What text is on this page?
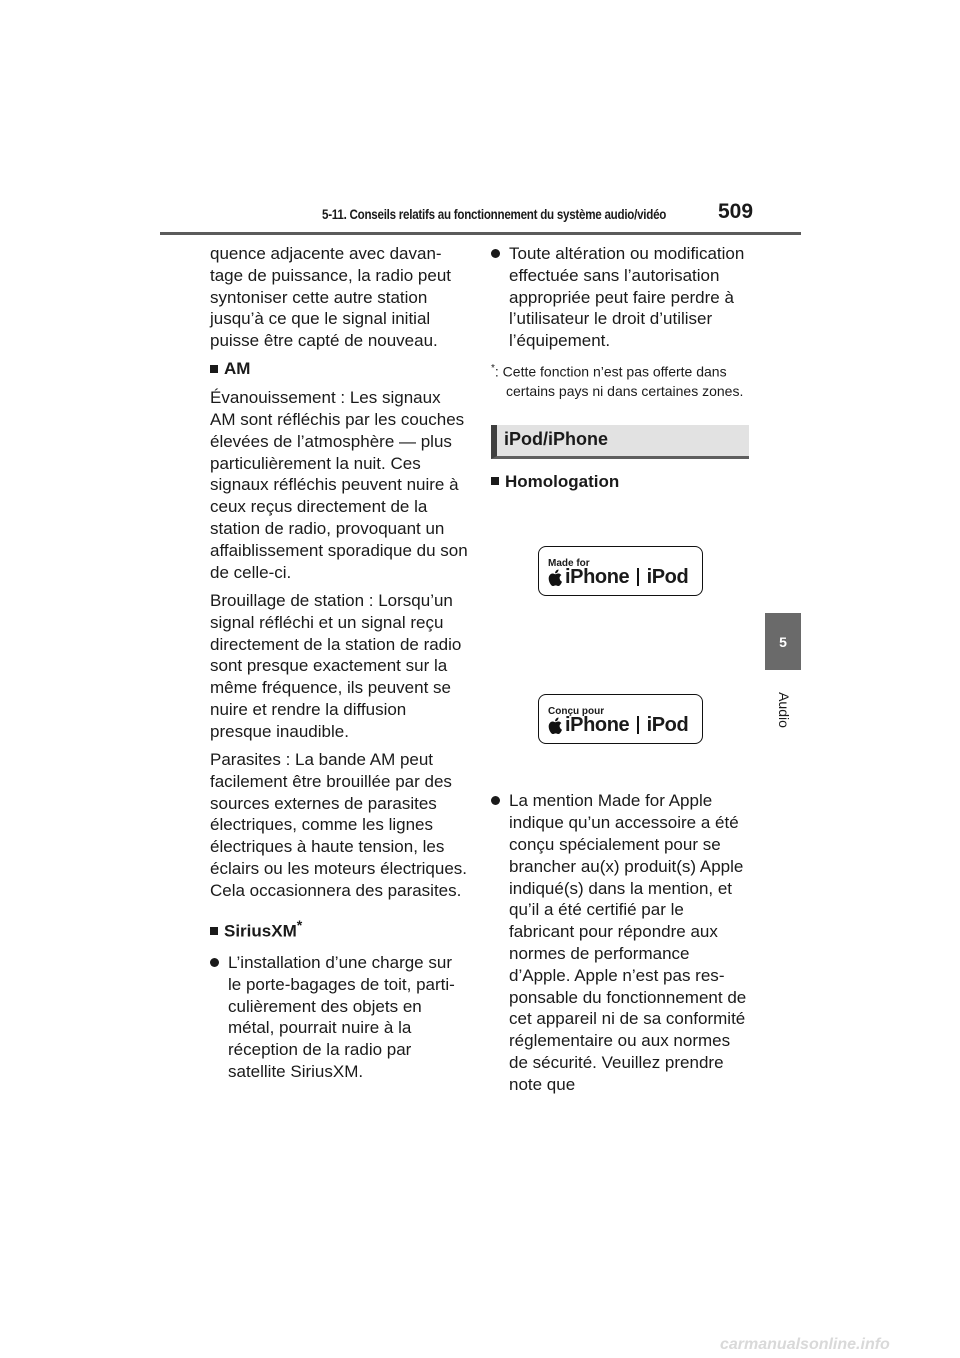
5-11. Conseils relatifs au fonctionnement du système audio/vidéo 509
5
Audio

quence adjacente avec davantage de puissance, la radio peut syntoniser cette autre station jusqu’à ce que le signal initial puisse être capté de nouveau.

AM

Évanouissement : Les signaux AM sont réfléchis par les couches élevées de l’atmosphère — plus particulièrement la nuit. Ces signaux réfléchis peuvent nuire à ceux reçus directement de la station de radio, provoquant un affaiblissement sporadique du son de celle-ci.

Brouillage de station : Lorsqu’un signal réfléchi et un signal reçu directement de la station de radio sont presque exactement sur la même fréquence, ils peuvent se nuire et rendre la diffusion presque inaudible.

Parasites : La bande AM peut facilement être brouillée par des sources externes de parasites électriques, comme les lignes électriques à haute tension, les éclairs ou les moteurs électriques. Cela occasionnera des parasites.

SiriusXM*
L’installation d’une charge sur le porte-bagages de toit, particulièrement des objets en métal, pourrait nuire à la réception de la radio par satellite SiriusXM.
Toute altération ou modification effectuée sans l’autorisation appropriée peut faire perdre à l’utilisateur le droit d’utiliser l’équipement.
*: Cette fonction n’est pas offerte dans certains pays ni dans certaines zones.
iPod/iPhone
Homologation
Made for
iPhone iPod
Conçu pour
iPhone iPod
La mention Made for Apple indique qu’un accessoire a été conçu spécialement pour se brancher au(x) produit(s) Apple indiqué(s) dans la mention, et qu’il a été certifié par le fabricant pour répondre aux normes de performance d’Apple. Apple n’est pas responsable du fonctionnement de cet appareil ni de sa conformité réglementaire ou aux normes de sécurité. Veuillez prendre note que
carmanualsonline.info
